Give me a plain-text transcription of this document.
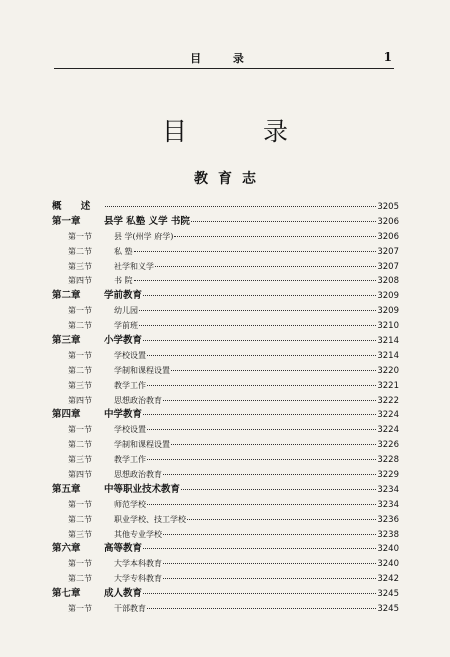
目 录	1
目 录
教育志
概 述	3205
第一章	县学 私塾 义学 书院	3206
第一节	县 学(州学 府学)	3206
第二节	私 塾	3207
第三节	社学和义学	3207
第四节	书 院	3208
第二章	学前教育	3209
第一节	幼儿园	3209
第二节	学前班	3210
第三章	小学教育	3214
第一节	学校设置	3214
第二节	学制和课程设置	3220
第三节	教学工作	3221
第四节	思想政治教育	3222
第四章	中学教育	3224
第一节	学校设置	3224
第二节	学制和课程设置	3226
第三节	教学工作	3228
第四节	思想政治教育	3229
第五章	中等职业技术教育	3234
第一节	师范学校	3234
第二节	职业学校、技工学校	3236
第三节	其他专业学校	3238
第六章	高等教育	3240
第一节	大学本科教育	3240
第二节	大学专科教育	3242
第七章	成人教育	3245
第一节	干部教育	3245
